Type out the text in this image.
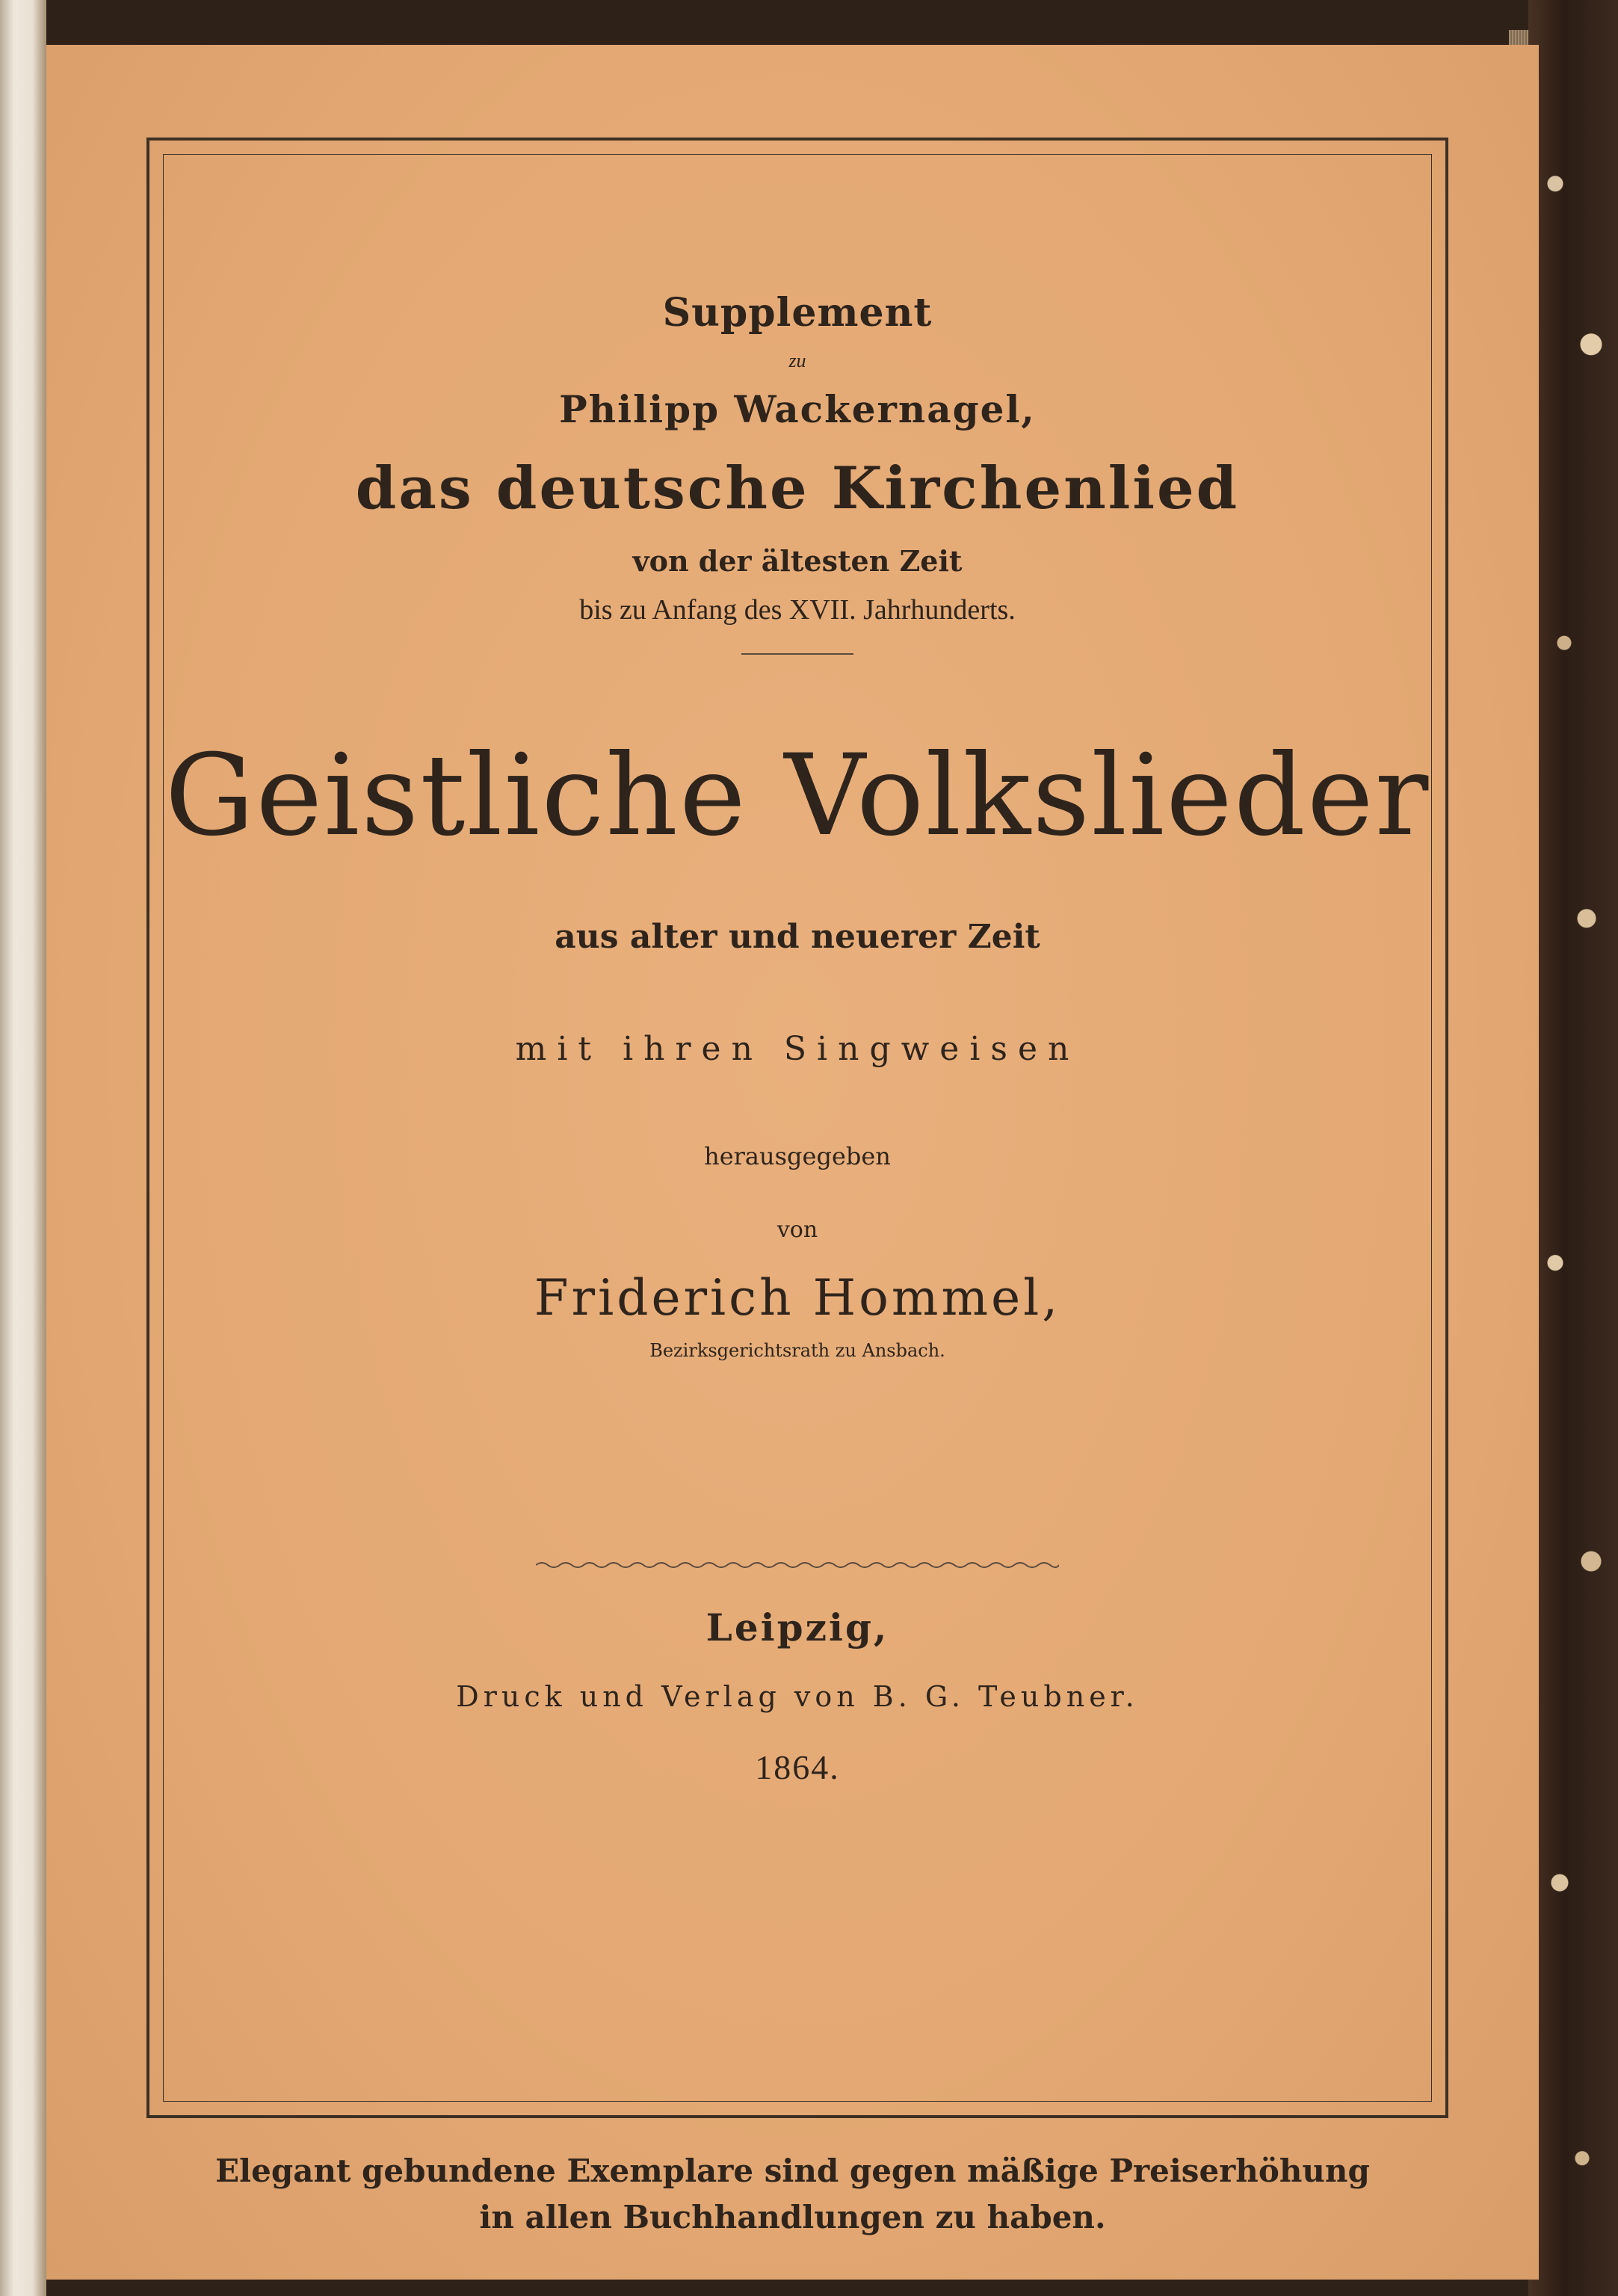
Supplement
zu
Philipp Wackernagel,
das deutsche Kirchenlied
von der ältesten Zeit
bis zu Anfang des XVII. Jahrhunderts.
Geistliche Volkslieder
aus alter und neuerer Zeit
mit ihren Singweisen
herausgegeben
von
Friderich Hommel,
Bezirksgerichtsrath zu Ansbach.
Leipzig,
Druck und Verlag von B. G. Teubner.
1864.
Elegant gebundene Exemplare sind gegen mäßige Preiserhöhung
in allen Buchhandlungen zu haben.
